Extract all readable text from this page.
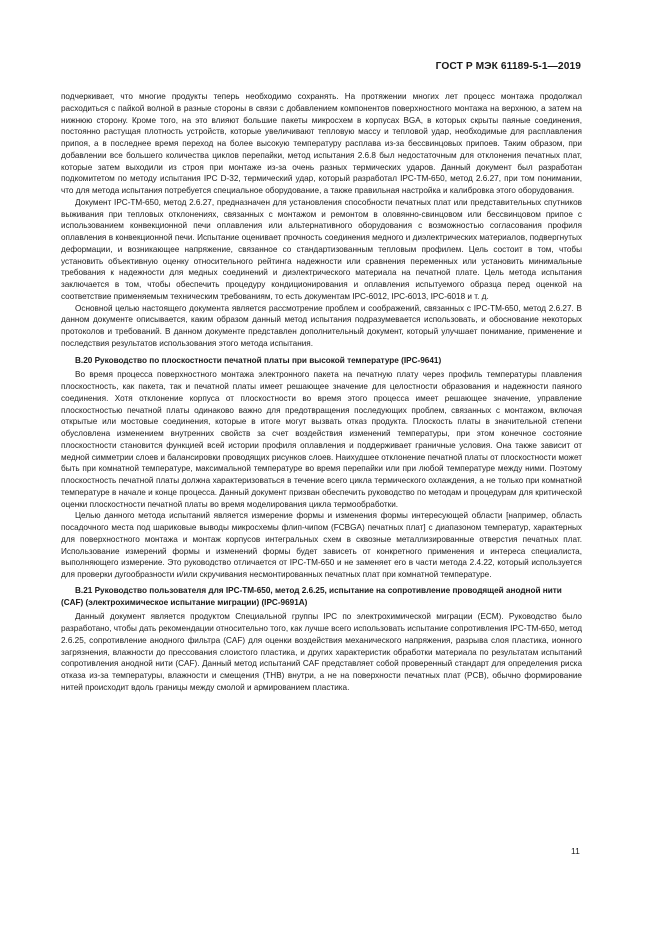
ГОСТ Р МЭК 61189-5-1—2019

подчеркивает, что многие продукты теперь необходимо сохранять. На протяжении многих лет процесс монтажа продолжал расходиться с пайкой волной в разные стороны в связи с добавлением компонентов поверхностного монтажа на верхнюю, а затем на нижнюю сторону. Кроме того, на это влияют большие пакеты микросхем в корпусах BGA, в которых скрыты паяные соединения, постоянно растущая плотность устройств, которые увеличивают тепловую массу и тепловой удар, необходимые для расплавления припоя, а в последнее время переход на более высокую температуру расплава из-за бессвинцовых припоев. Таким образом, при добавлении все большего количества циклов перепайки, метод испытания 2.6.8 был недостаточным для отклонения печатных плат, которые затем выходили из строя при монтаже из-за очень разных термических ударов. Данный документ был разработан подкомитетом по методу испытания IPC D-32, термический удар, который разработал IPC-TM-650, метод 2.6.27, при том понимании, что для метода испытания потребуется специальное оборудование, а также правильная настройка и калибровка этого оборудования.

Документ IPC-TM-650, метод 2.6.27, предназначен для установления способности печатных плат или представительных спутников выживания при тепловых отклонениях, связанных с монтажом и ремонтом в оловянно-свинцовом или бессвинцовом припое с использованием конвекционной печи оплавления или альтернативного оборудования с возможностью согласования профиля оплавления в конвекционной печи. Испытание оценивает прочность соединения медного и диэлектрических материалов, подвергнутых деформации, и возникающее напряжение, связанное со стандартизованным тепловым профилем. Цель состоит в том, чтобы установить объективную оценку относительного рейтинга надежности или сравнения переменных или установить минимальные требования к надежности для медных соединений и диэлектрического материала на печатной плате. Цель метода испытания заключается в том, чтобы обеспечить процедуру кондиционирования и оплавления испытуемого образца перед оценкой на соответствие применяемым техническим требованиям, то есть документам IPC-6012, IPC-6013, IPC-6018 и т. д.

Основной целью настоящего документа является рассмотрение проблем и соображений, связанных с IPC-TM-650, метод 2.6.27. В данном документе описывается, каким образом данный метод испытания подразумевается использовать, и обоснование некоторых протоколов и требований. В данном документе представлен дополнительный документ, который улучшает понимание, применение и последствия результатов использования этого метода испытания.

В.20 Руководство по плоскостности печатной платы при высокой температуре (IPC-9641)

Во время процесса поверхностного монтажа электронного пакета на печатную плату через профиль температуры плавления плоскостность, как пакета, так и печатной платы имеет решающее значение для целостности образования и надежности паяного соединения. Хотя отклонение корпуса от плоскостности во время этого процесса имеет решающее значение, управление плоскостностью печатной платы одинаково важно для предотвращения последующих проблем, связанных с монтажом, включая открытые или мостовые соединения, которые в итоге могут вызвать отказ продукта. Плоскость платы в значительной степени обусловлена изменением внутренних свойств за счет воздействия изменений температуры, при этом конечное состояние плоскостности становится функцией всей истории профиля оплавления и поддерживает граничные условия. Она также зависит от медной симметрии слоев и балансировки проводящих рисунков слоев. Наихудшее отклонение печатной платы от плоскостности может быть при комнатной температуре, максимальной температуре во время перепайки или при любой температуре между ними. Поэтому плоскостность печатной платы должна характеризоваться в течение всего цикла термического охлаждения, а не только при комнатной температуре в начале и конце процесса. Данный документ призван обеспечить руководство по методам и процедурам для критической оценки плоскостности печатной платы во время моделирования цикла термообработки.

Целью данного метода испытаний является измерение формы и изменения формы интересующей области [например, область посадочного места под шариковые выводы микросхемы флип-чипом (FCBGA) печатных плат] с диапазоном температур, характерных для поверхностного монтажа и монтаж корпусов интегральных схем в сквозные металлизированные отверстия печатных плат. Использование измерений формы и изменений формы будет зависеть от конкретного применения и интереса специалиста, выполняющего измерение. Это руководство отличается от IPC-TM-650 и не заменяет его в части метода 2.4.22, который используется для проверки дугообразности и/или скручивания несмонтированных печатных плат при комнатной температуре.

В.21 Руководство пользователя для IPC-TM-650, метод 2.6.25, испытание на сопротивление проводящей анодной нити (CAF) (электрохимическое испытание миграции) (IPC-9691A)

Данный документ является продуктом Специальной группы IPC по электрохимической миграции (ECM). Руководство было разработано, чтобы дать рекомендации относительно того, как лучше всего использовать испытание сопротивления IPC-TM-650, метод 2.6.25, сопротивление анодного фильтра (CAF) для оценки воздействия механического напряжения, разрыва слоя пластика, ионного загрязнения, влажности до прессования слоистого пластика, и других характеристик обработки материала по результатам испытаний сопротивления анодной нити (CAF). Данный метод испытаний CAF представляет собой проверенный стандарт для определения риска отказа из-за температуры, влажности и смещения (THB) внутри, а не на поверхности печатных плат (PCB), обычно формирование нитей происходит вдоль границы между смолой и армированием пластика.

11
